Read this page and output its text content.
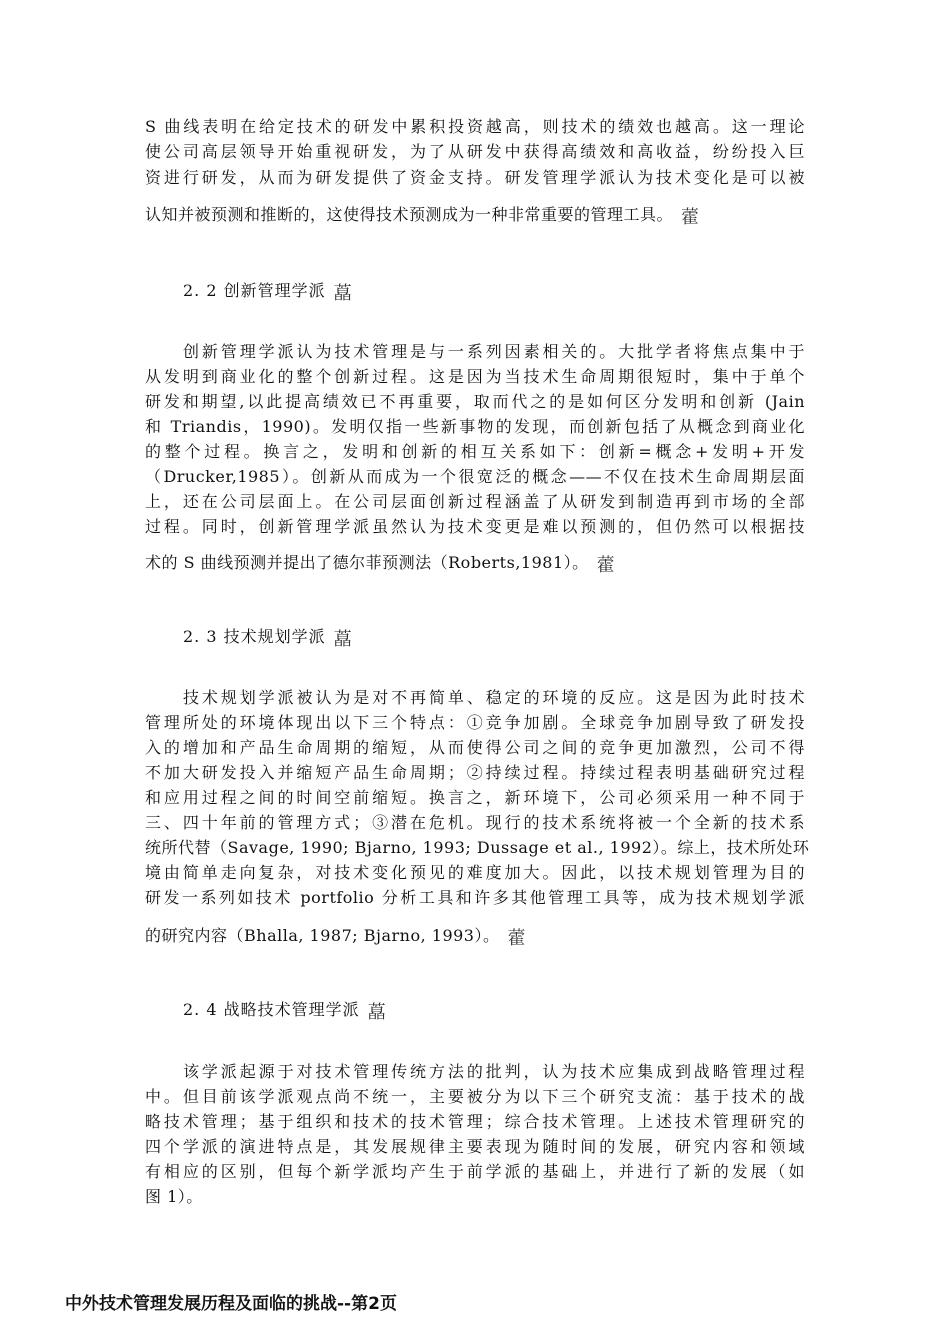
S 曲线表明在给定技术的研发中累积投资越高，则技术的绩效也越高。这一理论
使公司高层领导开始重视研发，为了从研发中获得高绩效和高收益，纷纷投入巨
资进行研发，从而为研发提供了资金支持。研发管理学派认为技术变化是可以被
认知并被预测和推断的，这使得技术预测成为一种非常重要的管理工具。 藿
2. 2 创新管理学派 藠
创新管理学派认为技术管理是与一系列因素相关的。大批学者将焦点集中于
从发明到商业化的整个创新过程。这是因为当技术生命周期很短时，集中于单个
研发和期望,以此提高绩效已不再重要，取而代之的是如何区分发明和创新 (Jain
和 Triandis，1990)。发明仅指一些新事物的发现，而创新包括了从概念到商业化
的整个过程。换言之，发明和创新的相互关系如下：创新=概念+发明+开发
（Drucker,1985）。创新从而成为一个很宽泛的概念——不仅在技术生命周期层面
上，还在公司层面上。在公司层面创新过程涵盖了从研发到制造再到市场的全部
过程。同时，创新管理学派虽然认为技术变更是难以预测的，但仍然可以根据技
术的 S 曲线预测并提出了德尔菲预测法（Roberts,1981）。 藿
2. 3 技术规划学派 藠
技术规划学派被认为是对不再简单、稳定的环境的反应。这是因为此时技术
管理所处的环境体现出以下三个特点：①竞争加剧。全球竞争加剧导致了研发投
入的增加和产品生命周期的缩短，从而使得公司之间的竞争更加激烈，公司不得
不加大研发投入并缩短产品生命周期；②持续过程。持续过程表明基础研究过程
和应用过程之间的时间空前缩短。换言之，新环境下，公司必须采用一种不同于
三、四十年前的管理方式；③潜在危机。现行的技术系统将被一个全新的技术系
统所代替（Savage, 1990; Bjarno, 1993; Dussage et al., 1992）。综上，技术所处环
境由简单走向复杂，对技术变化预见的难度加大。因此，以技术规划管理为目的
研发一系列如技术 portfolio 分析工具和许多其他管理工具等，成为技术规划学派
的研究内容（Bhalla, 1987; Bjarno, 1993）。 藿
2. 4 战略技术管理学派 藠
该学派起源于对技术管理传统方法的批判，认为技术应集成到战略管理过程
中。但目前该学派观点尚不统一，主要被分为以下三个研究支流：基于技术的战
略技术管理；基于组织和技术的技术管理；综合技术管理。上述技术管理研究的
四个学派的演进特点是，其发展规律主要表现为随时间的发展，研究内容和领域
有相应的区别，但每个新学派均产生于前学派的基础上，并进行了新的发展（如
图 1）。
中外技术管理发展历程及面临的挑战--第2页
